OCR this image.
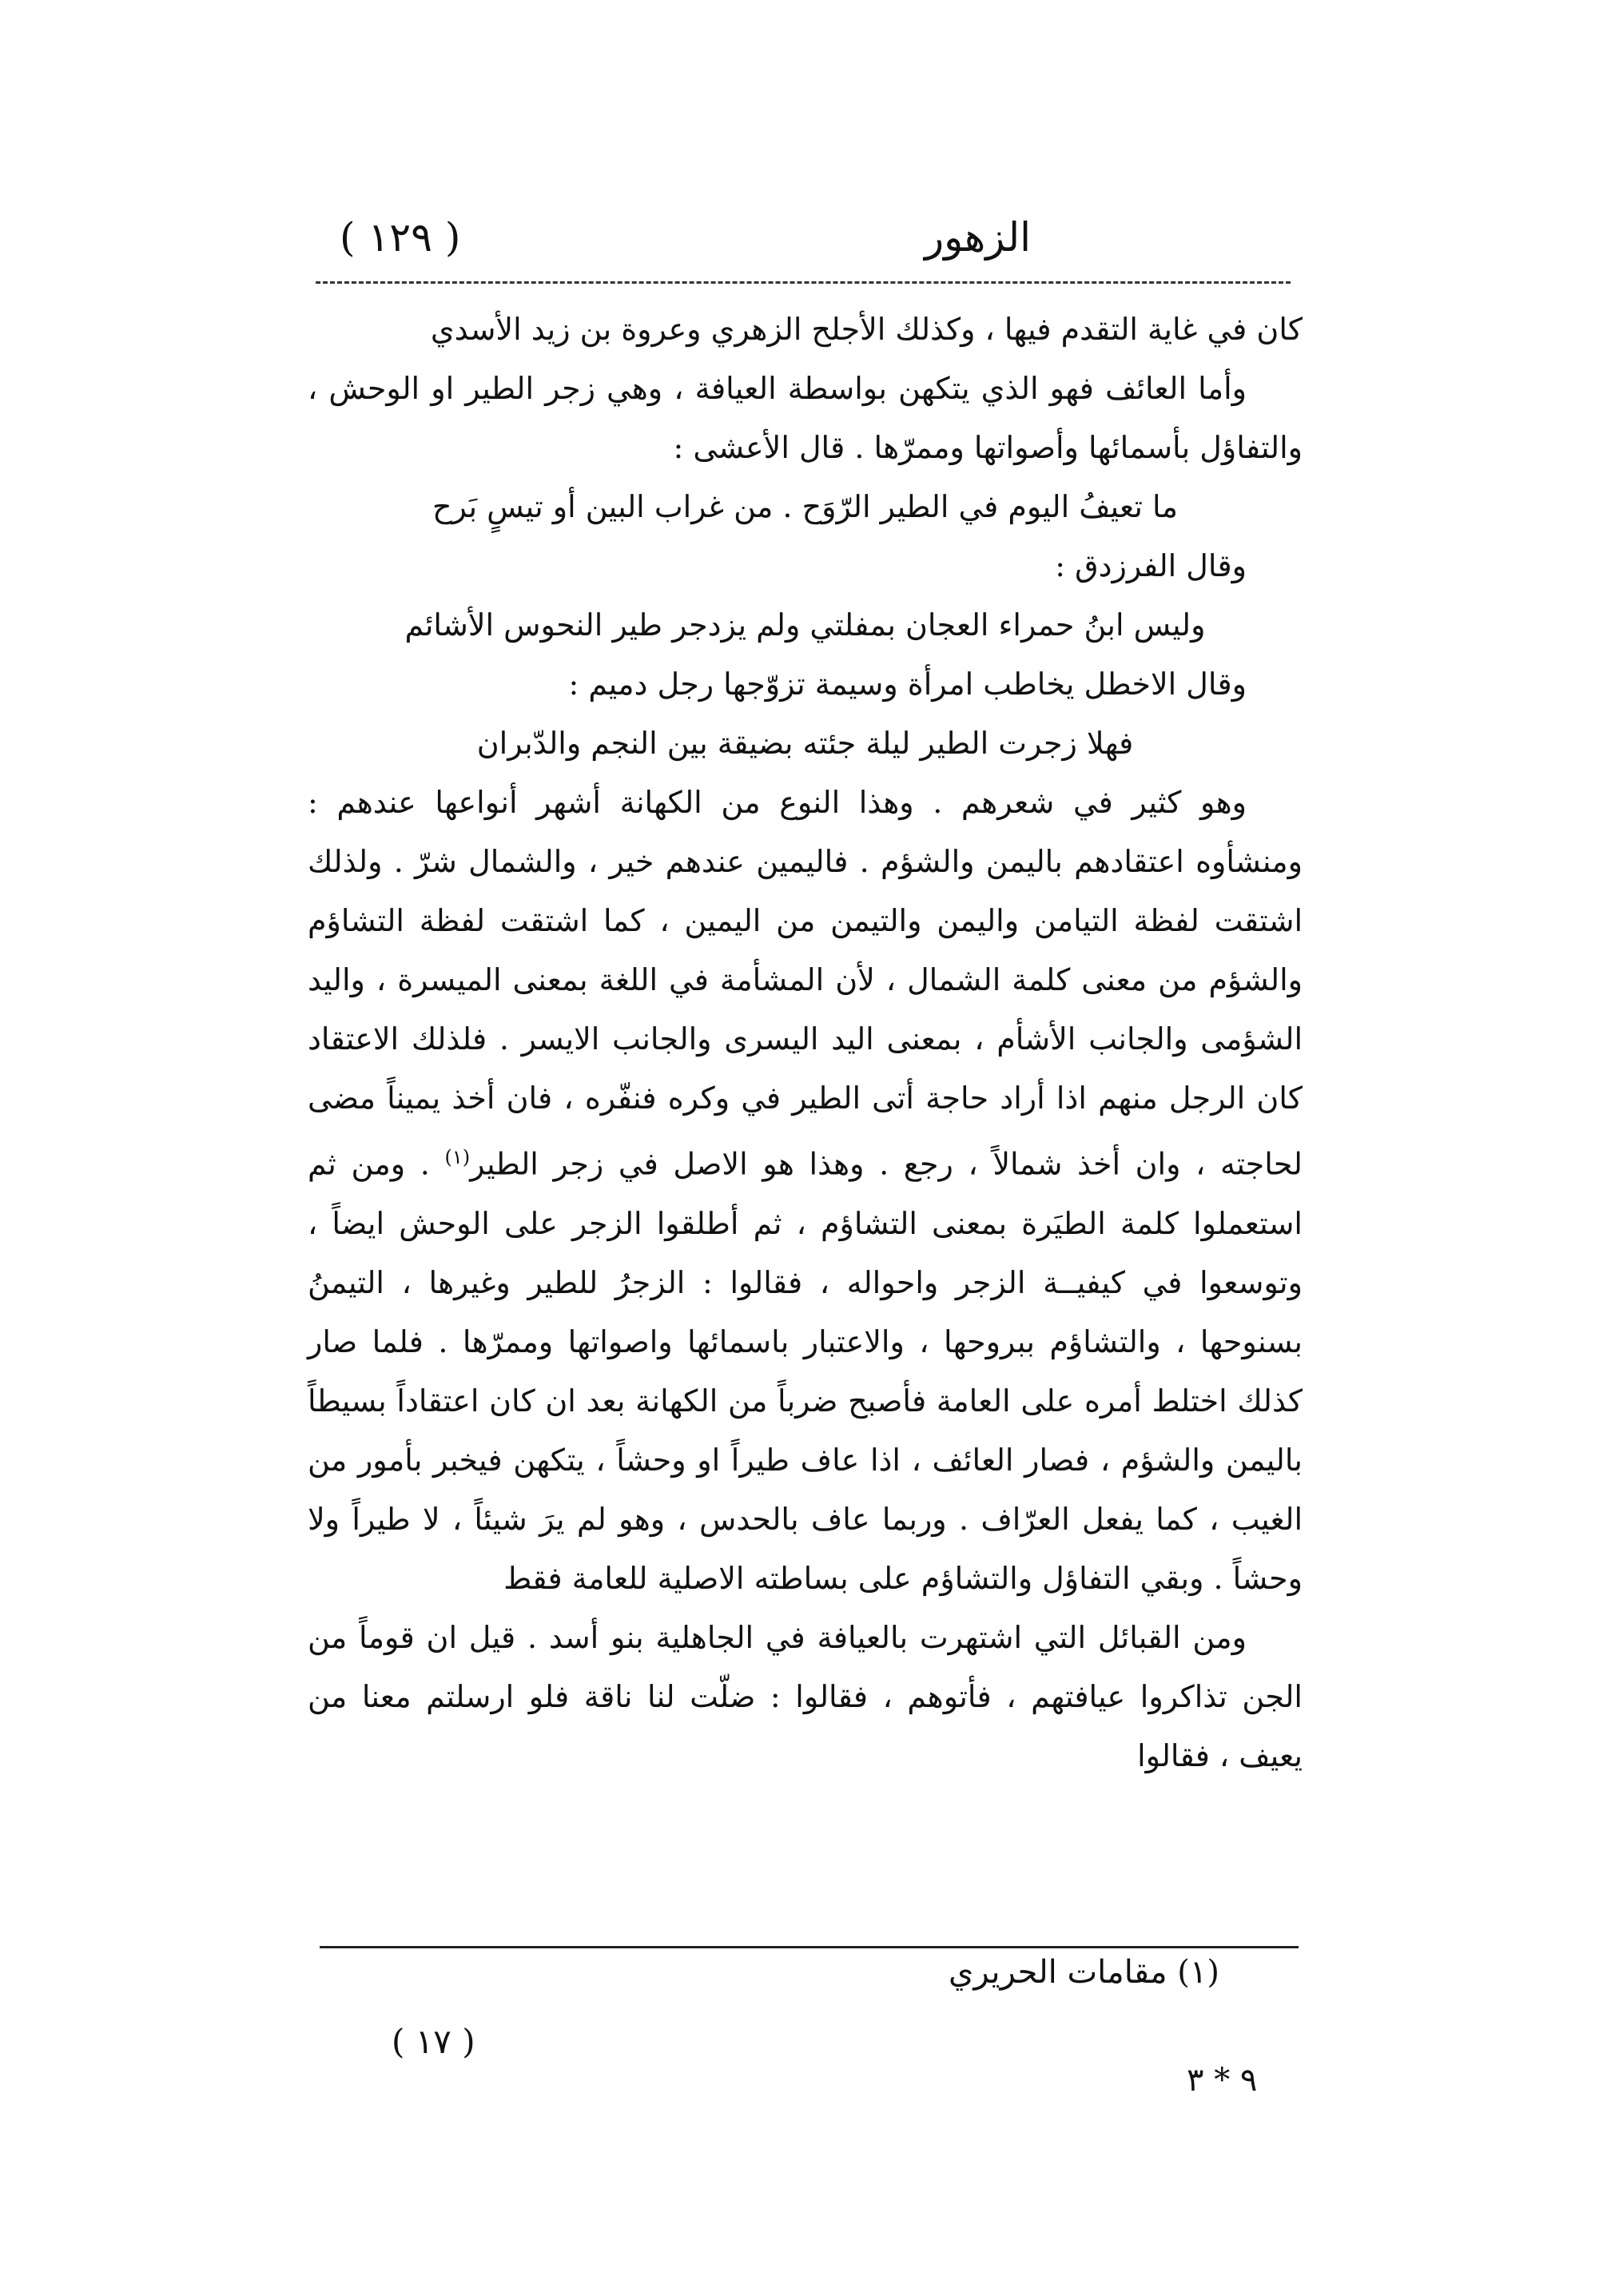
الزهور
( ١٢٩ )

كان في غاية التقدم فيها ، وكذلك الأجلح الزهري وعروة بن زيد الأسدي

وأما العائف فهو الذي يتكهن بواسطة العيافة ، وهي زجر الطير او الوحش ، والتفاؤل بأسمائها وأصواتها وممرّها . قال الأعشى :

ما تعيفُ اليوم في الطير الرّوَح . من غراب البين أو تيسٍ بَرح

وقال الفرزدق :

وليس ابنُ حمراء العجان بمفلتي ولم يزدجر طير النحوس الأشائم

وقال الاخطل يخاطب امرأة وسيمة تزوّجها رجل دميم :

فهلا زجرت الطير ليلة جئته بضيقة بين النجم والدّبران

وهو كثير في شعرهم . وهذا النوع من الكهانة أشهر أنواعها عندهم : ومنشأوه اعتقادهم باليمن والشؤم . فاليمين عندهم خير ، والشمال شرّ . ولذلك اشتقت لفظة التيامن واليمن والتيمن من اليمين ، كما اشتقت لفظة التشاؤم والشؤم من معنى كلمة الشمال ، لأن المشأمة في اللغة بمعنى الميسرة ، واليد الشؤمى والجانب الأشأم ، بمعنى اليد اليسرى والجانب الايسر . فلذلك الاعتقاد كان الرجل منهم اذا أراد حاجة أتى الطير في وكره فنفّره ، فان أخذ يميناً مضى لحاجته ، وان أخذ شمالاً ، رجع . وهذا هو الاصل في زجر الطير$^{(١)}$ . ومن ثم استعملوا كلمة الطيَرة بمعنى التشاؤم ، ثم أطلقوا الزجر على الوحش ايضاً ، وتوسعوا في كيفيــة الزجر واحواله ، فقالوا : الزجرُ للطير وغيرها ، التيمنُ بسنوحها ، والتشاؤم ببروحها ، والاعتبار باسمائها واصواتها وممرّها . فلما صار كذلك اختلط أمره على العامة فأصبح ضرباً من الكهانة بعد ان كان اعتقاداً بسيطاً باليمن والشؤم ، فصار العائف ، اذا عاف طيراً او وحشاً ، يتكهن فيخبر بأمور من الغيب ، كما يفعل العرّاف . وربما عاف بالحدس ، وهو لم يرَ شيئاً ، لا طيراً ولا وحشاً . وبقي التفاؤل والتشاؤم على بساطته الاصلية للعامة فقط

ومن القبائل التي اشتهرت بالعيافة في الجاهلية بنو أسد . قيل ان قوماً من الجن تذاكروا عيافتهم ، فأتوهم ، فقالوا : ضلّت لنا ناقة فلو ارسلتم معنا من يعيف ، فقالوا

(١) مقامات الحريري
( ١٧ )
٩ * ٣
